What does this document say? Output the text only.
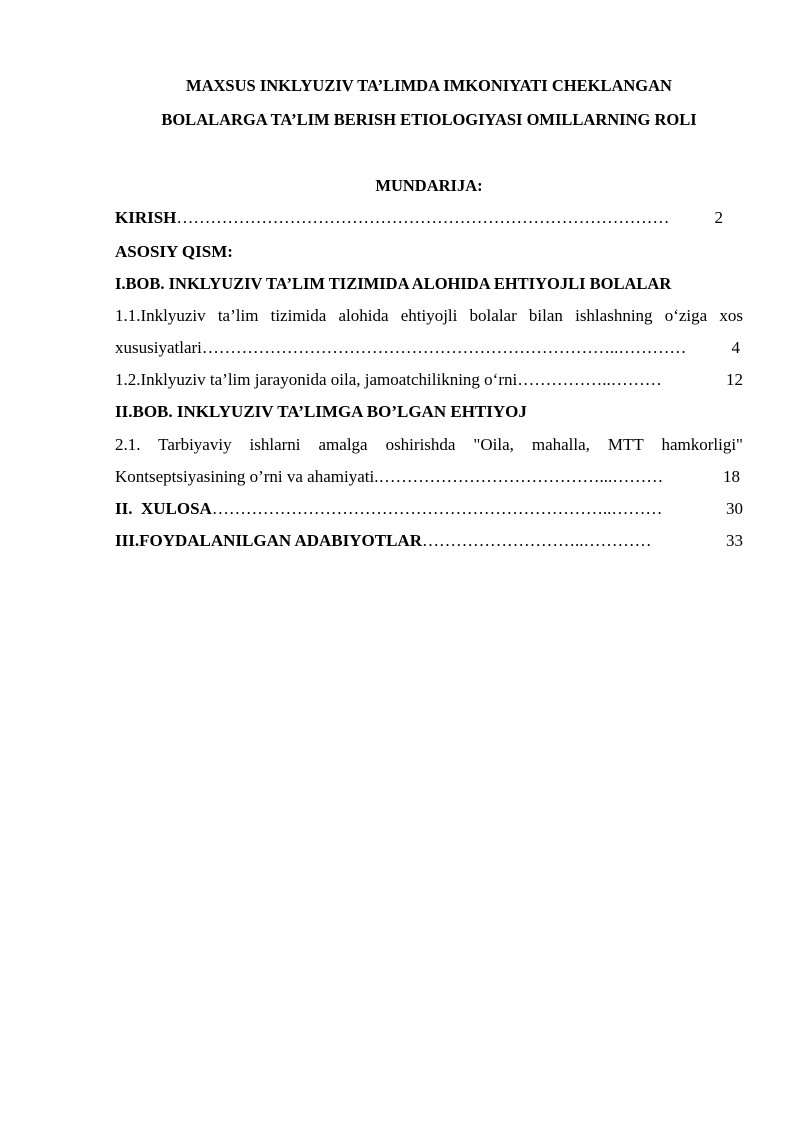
MAXSUS INKLYUZIV TA’LIMDA IMKONIYATI CHEKLANGAN
BOLALARGA TA’LIM BERISH ETIOLOGIYASI OMILLARNING ROLI
MUNDARIJA:
KIRISH ……………………………………………………………………………	2
ASOSIY QISM:
I.BOB. INKLYUZIV TA’LIM TIZIMIDA ALOHIDA EHTIYOJLI BOLALAR
1.1.Inklyuziv ta’lim tizimida alohida ehtiyojli bolalar bilan ishlashning o‘ziga xos
xususiyatlari ………………………………………………………………..…………	4
1.2.Inklyuziv ta’lim jarayonida oila, jamoatchilikning o‘rni ……………..………	12
II.BOB. INKLYUZIV TA’LIMGA BO’LGAN EHTIYOJ
2.1. Tarbiyaviy ishlarni amalga oshirishda "Oila, mahalla, MTT hamkorligi"
Kontseptsiyasining o’rni va ahamiyati. …………………………………...………	18
II.  XULOSA ……………………………………………………………..………	30
III.FOYDALANILGAN ADABIYOTLAR ………………………..…………	33
